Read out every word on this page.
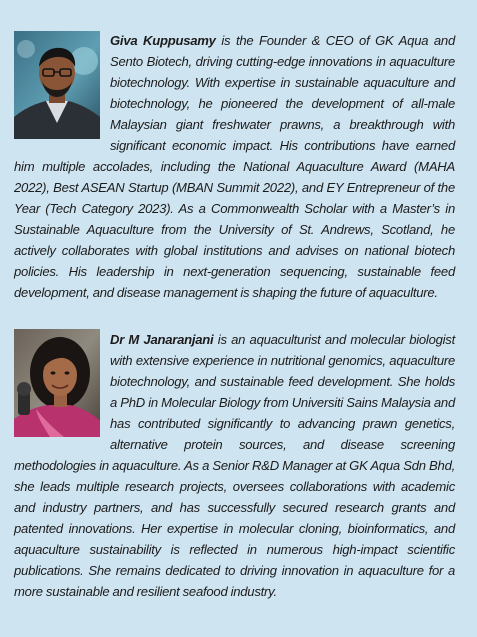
Giva Kuppusamy is the Founder & CEO of GK Aqua and Sento Biotech, driving cutting-edge innovations in aquaculture biotechnology. With expertise in sustainable aquaculture and biotechnology, he pioneered the development of all-male Malaysian giant freshwater prawns, a breakthrough with significant economic impact. His contributions have earned him multiple accolades, including the National Aquaculture Award (MAHA 2022), Best ASEAN Startup (MBAN Summit 2022), and EY Entrepreneur of the Year (Tech Category 2023). As a Commonwealth Scholar with a Master’s in Sustainable Aquaculture from the University of St. Andrews, Scotland, he actively collaborates with global institutions and advises on national biotech policies. His leadership in next-generation sequencing, sustainable feed development, and disease management is shaping the future of aquaculture.
Dr M Janaranjani is an aquaculturist and molecular biologist with extensive experience in nutritional genomics, aquaculture biotechnology, and sustainable feed development. She holds a PhD in Molecular Biology from Universiti Sains Malaysia and has contributed significantly to advancing prawn genetics, alternative protein sources, and disease screening methodologies in aquaculture. As a Senior R&D Manager at GK Aqua Sdn Bhd, she leads multiple research projects, oversees collaborations with academic and industry partners, and has successfully secured research grants and patented innovations. Her expertise in molecular cloning, bioinformatics, and aquaculture sustainability is reflected in numerous high-impact scientific publications. She remains dedicated to driving innovation in aquaculture for a more sustainable and resilient seafood industry.
